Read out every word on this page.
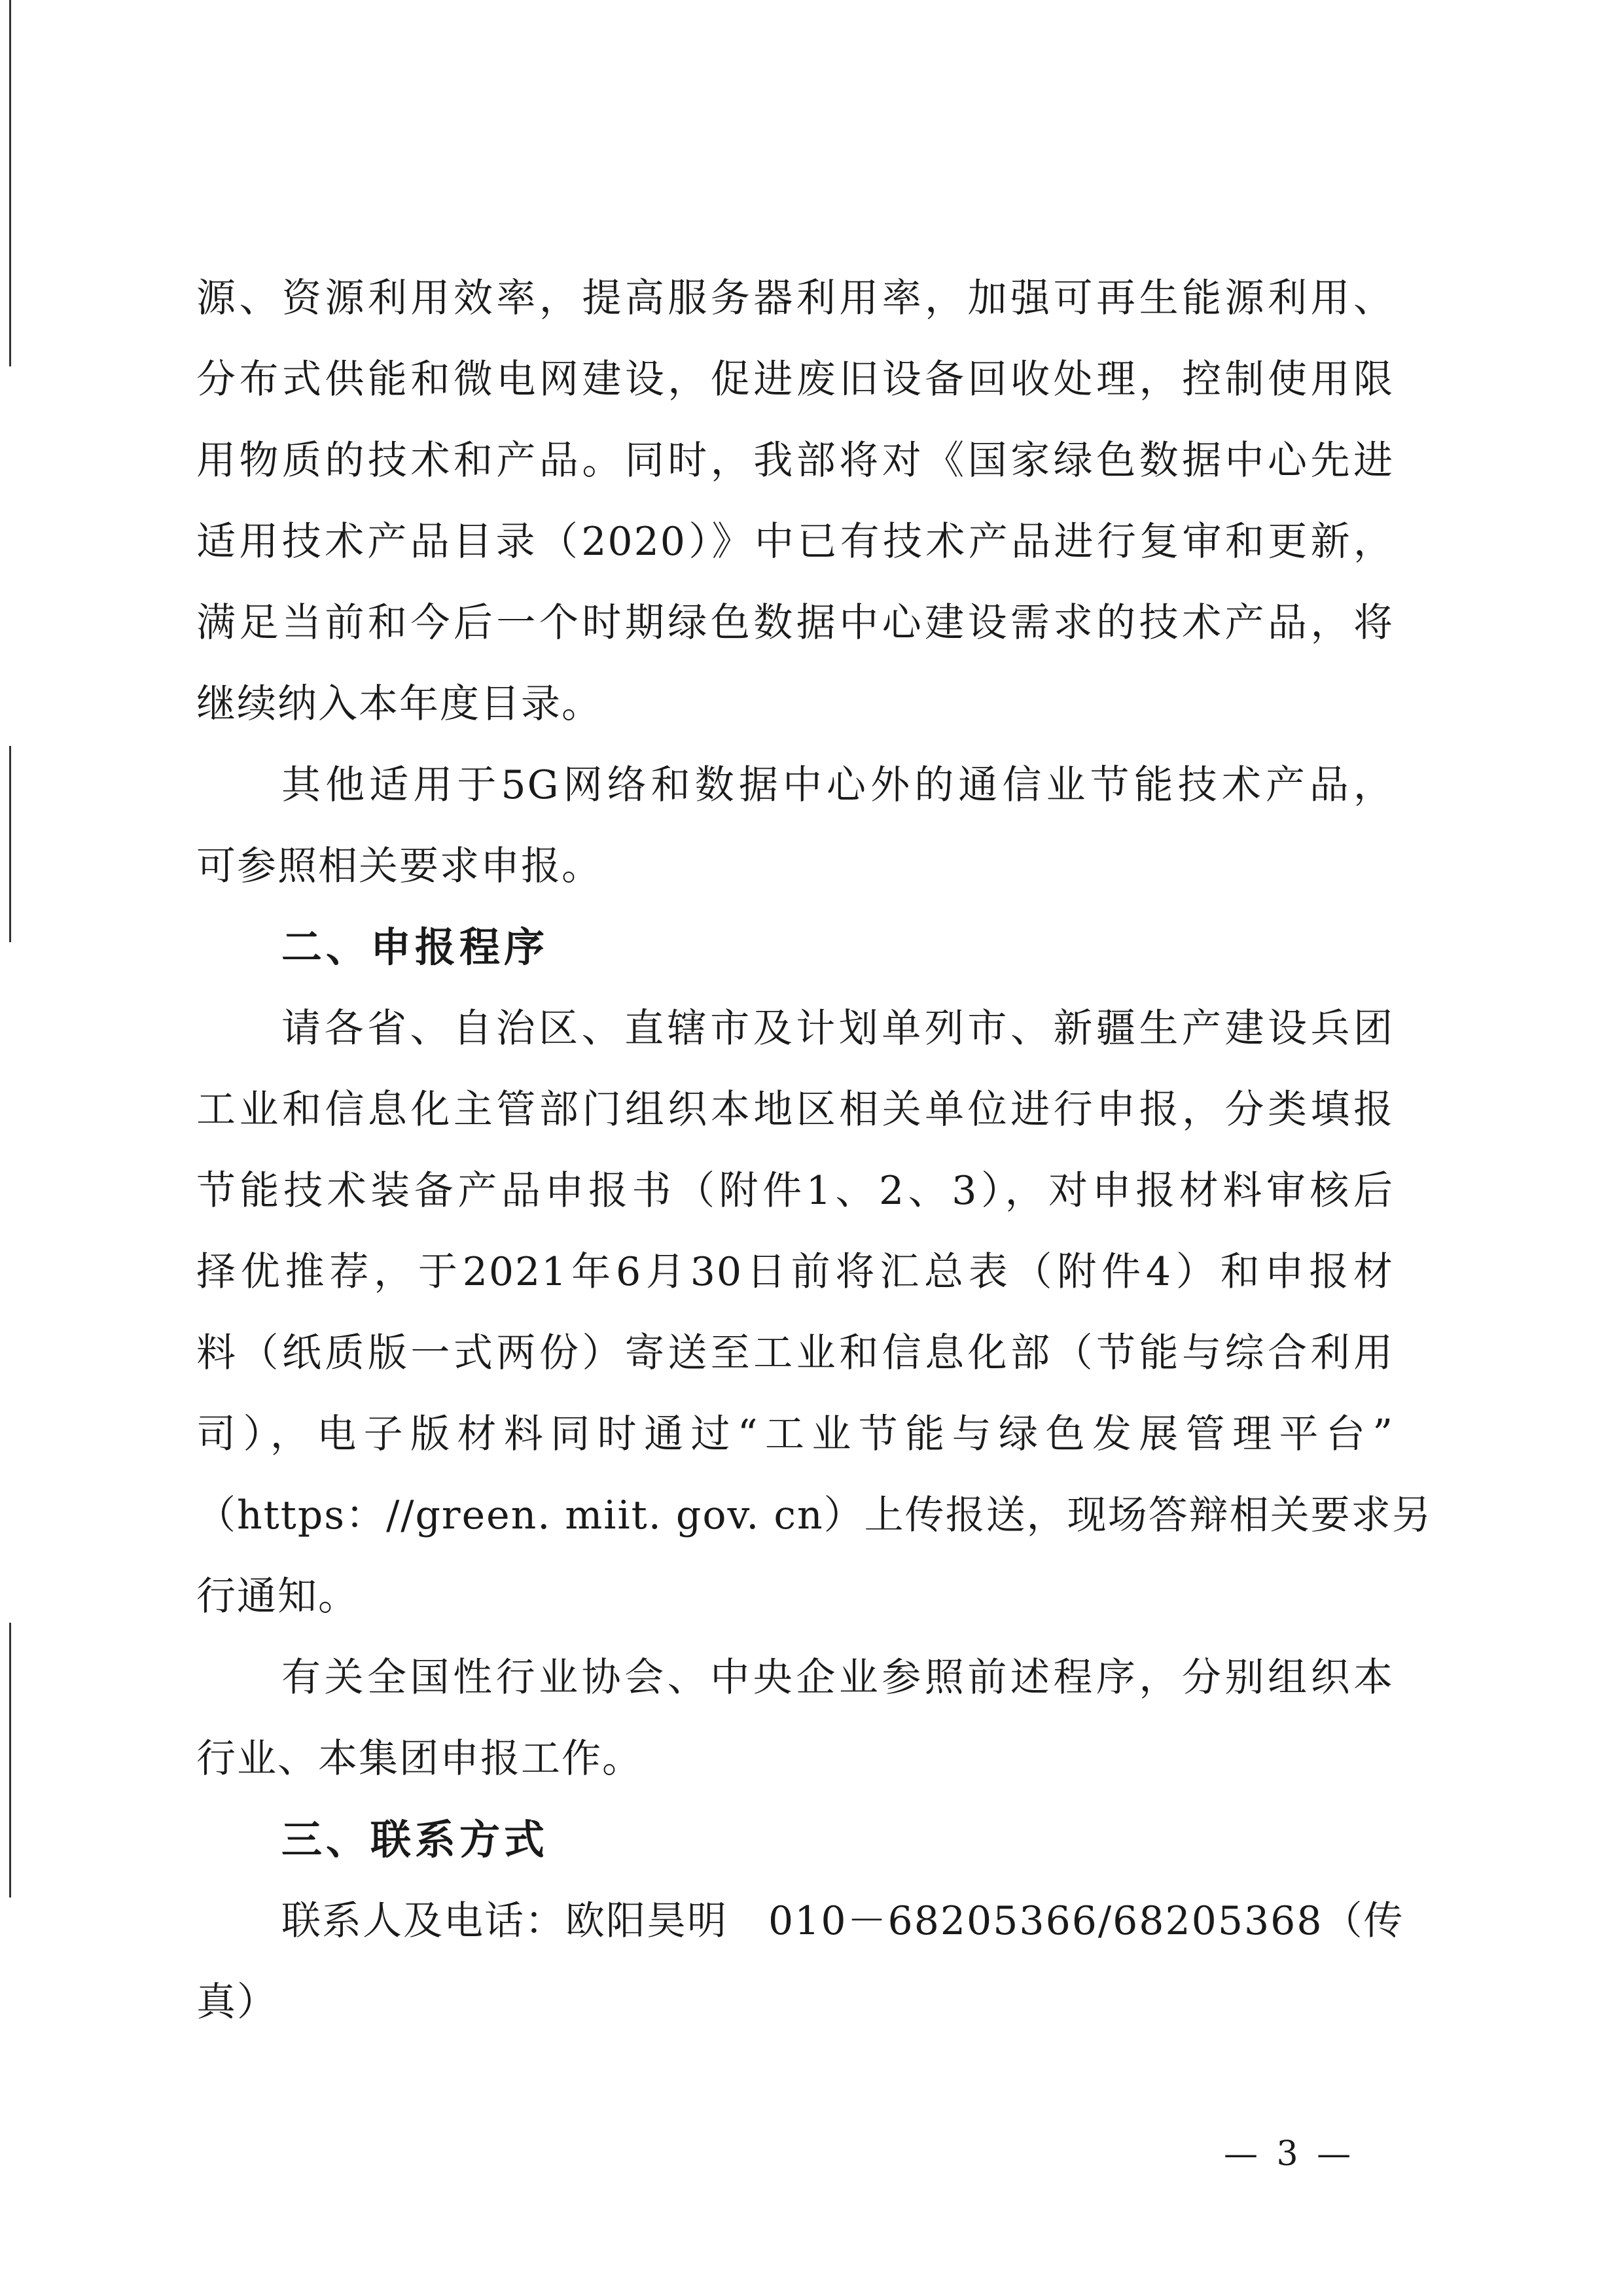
源、资源利用效率，提高服务器利用率，加强可再生能源利用、
分布式供能和微电网建设，促进废旧设备回收处理，控制使用限
用物质的技术和产品。同时，我部将对《国家绿色数据中心先进
适用技术产品目录（2020）》中已有技术产品进行复审和更新，
满足当前和今后一个时期绿色数据中心建设需求的技术产品，将
继续纳入本年度目录。
其他适用于5G网络和数据中心外的通信业节能技术产品，
可参照相关要求申报。
二、申报程序
请各省、自治区、直辖市及计划单列市、新疆生产建设兵团
工业和信息化主管部门组织本地区相关单位进行申报，分类填报
节能技术装备产品申报书（附件1、2、3），对申报材料审核后
择优推荐，于2021年6月30日前将汇总表（附件4）和申报材
料（纸质版一式两份）寄送至工业和信息化部（节能与综合利用
司），电子版材料同时通过“工业节能与绿色发展管理平台”
（https：//green. miit. gov. cn）上传报送，现场答辩相关要求另
行通知。
有关全国性行业协会、中央企业参照前述程序，分别组织本
行业、本集团申报工作。
三、联系方式
联系人及电话：欧阳昊明　010－68205366/68205368（传
真）
— 3 —
